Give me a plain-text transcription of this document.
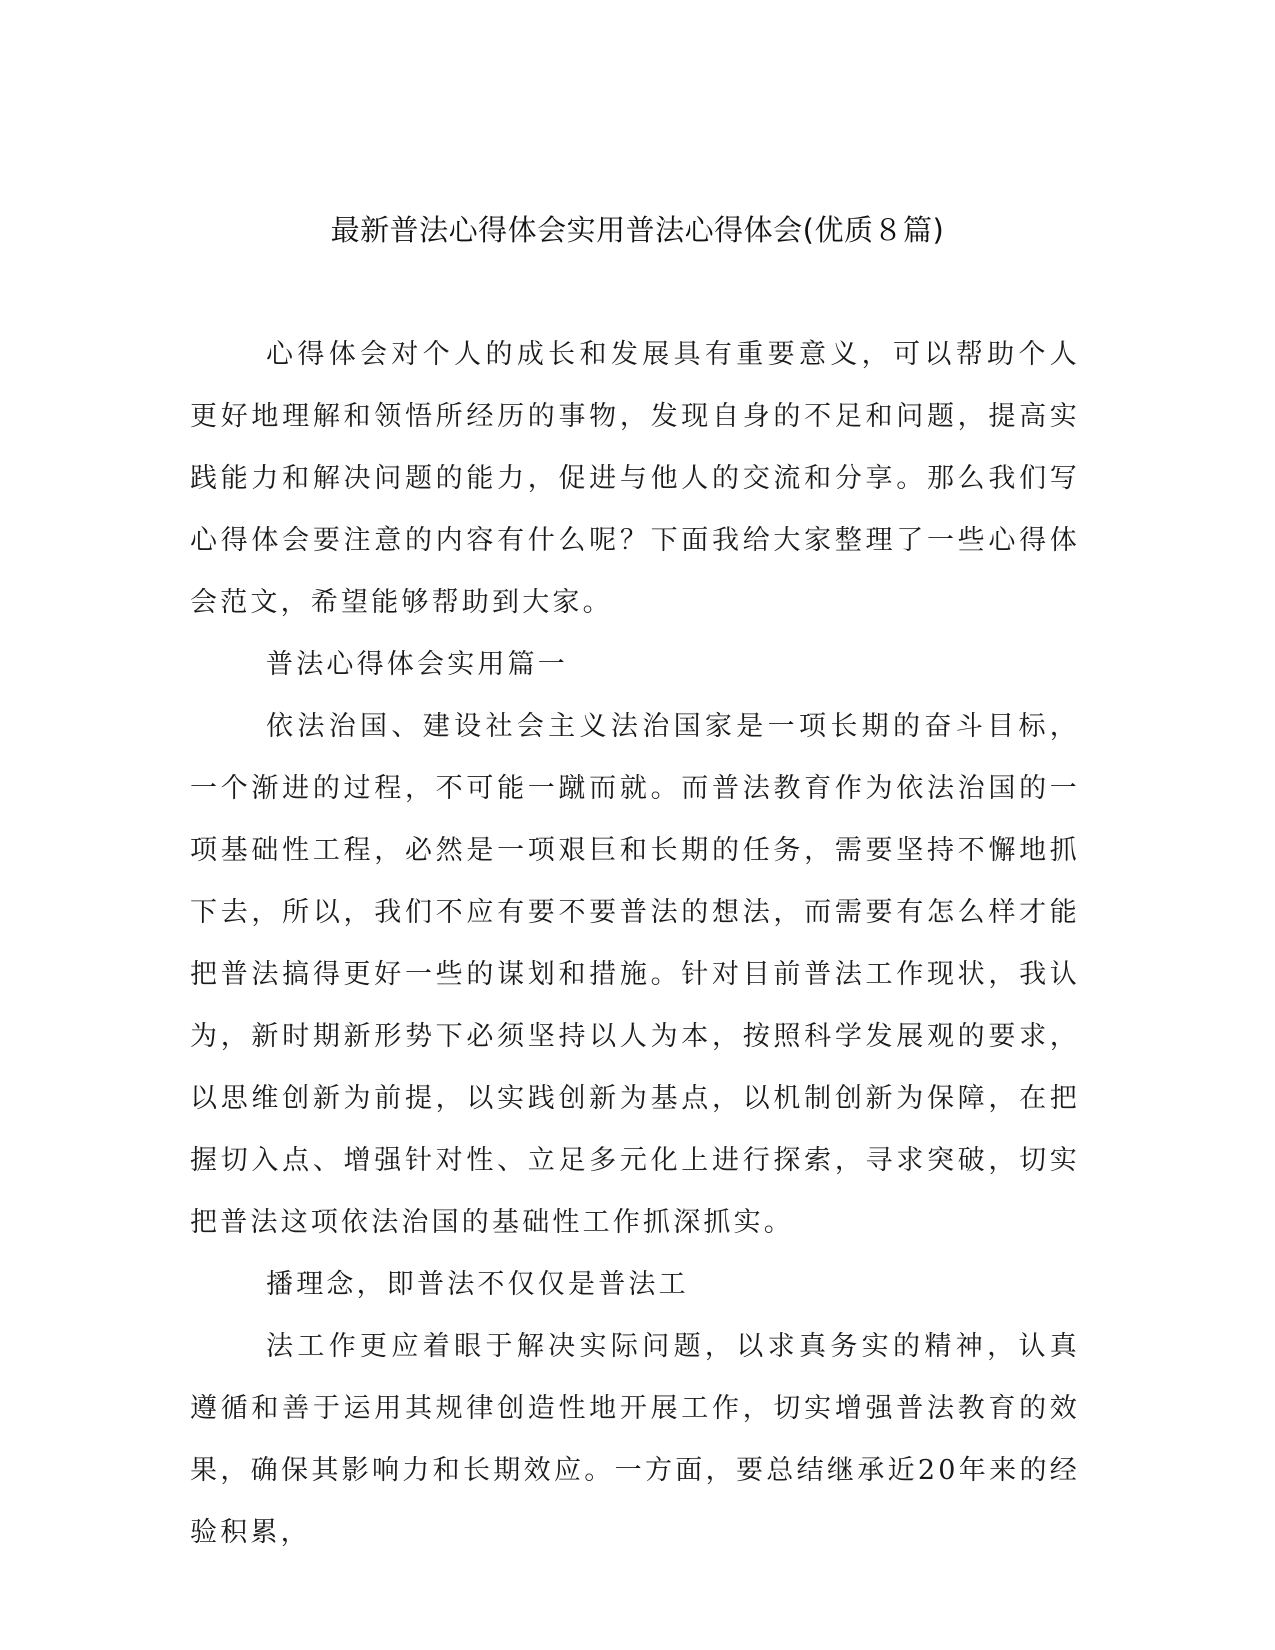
最新普法心得体会实用普法心得体会(优质８篇)

心得体会对个人的成长和发展具有重要意义，可以帮助个人更好地理解和领悟所经历的事物，发现自身的不足和问题，提高实践能力和解决问题的能力，促进与他人的交流和分享。那么我们写心得体会要注意的内容有什么呢？下面我给大家整理了一些心得体会范文，希望能够帮助到大家。

普法心得体会实用篇一

依法治国、建设社会主义法治国家是一项长期的奋斗目标，一个渐进的过程，不可能一蹴而就。而普法教育作为依法治国的一项基础性工程，必然是一项艰巨和长期的任务，需要坚持不懈地抓下去，所以，我们不应有要不要普法的想法，而需要有怎么样才能把普法搞得更好一些的谋划和措施。针对目前普法工作现状，我认为，新时期新形势下必须坚持以人为本，按照科学发展观的要求，以思维创新为前提，以实践创新为基点，以机制创新为保障，在把握切入点、增强针对性、立足多元化上进行探索，寻求突破，切实把普法这项依法治国的基础性工作抓深抓实。

播理念，即普法不仅仅是普法工

法工作更应着眼于解决实际问题，以求真务实的精神，认真遵循和善于运用其规律创造性地开展工作，切实增强普法教育的效果，确保其影响力和长期效应。一方面，要总结继承近20年来的经验积累，
